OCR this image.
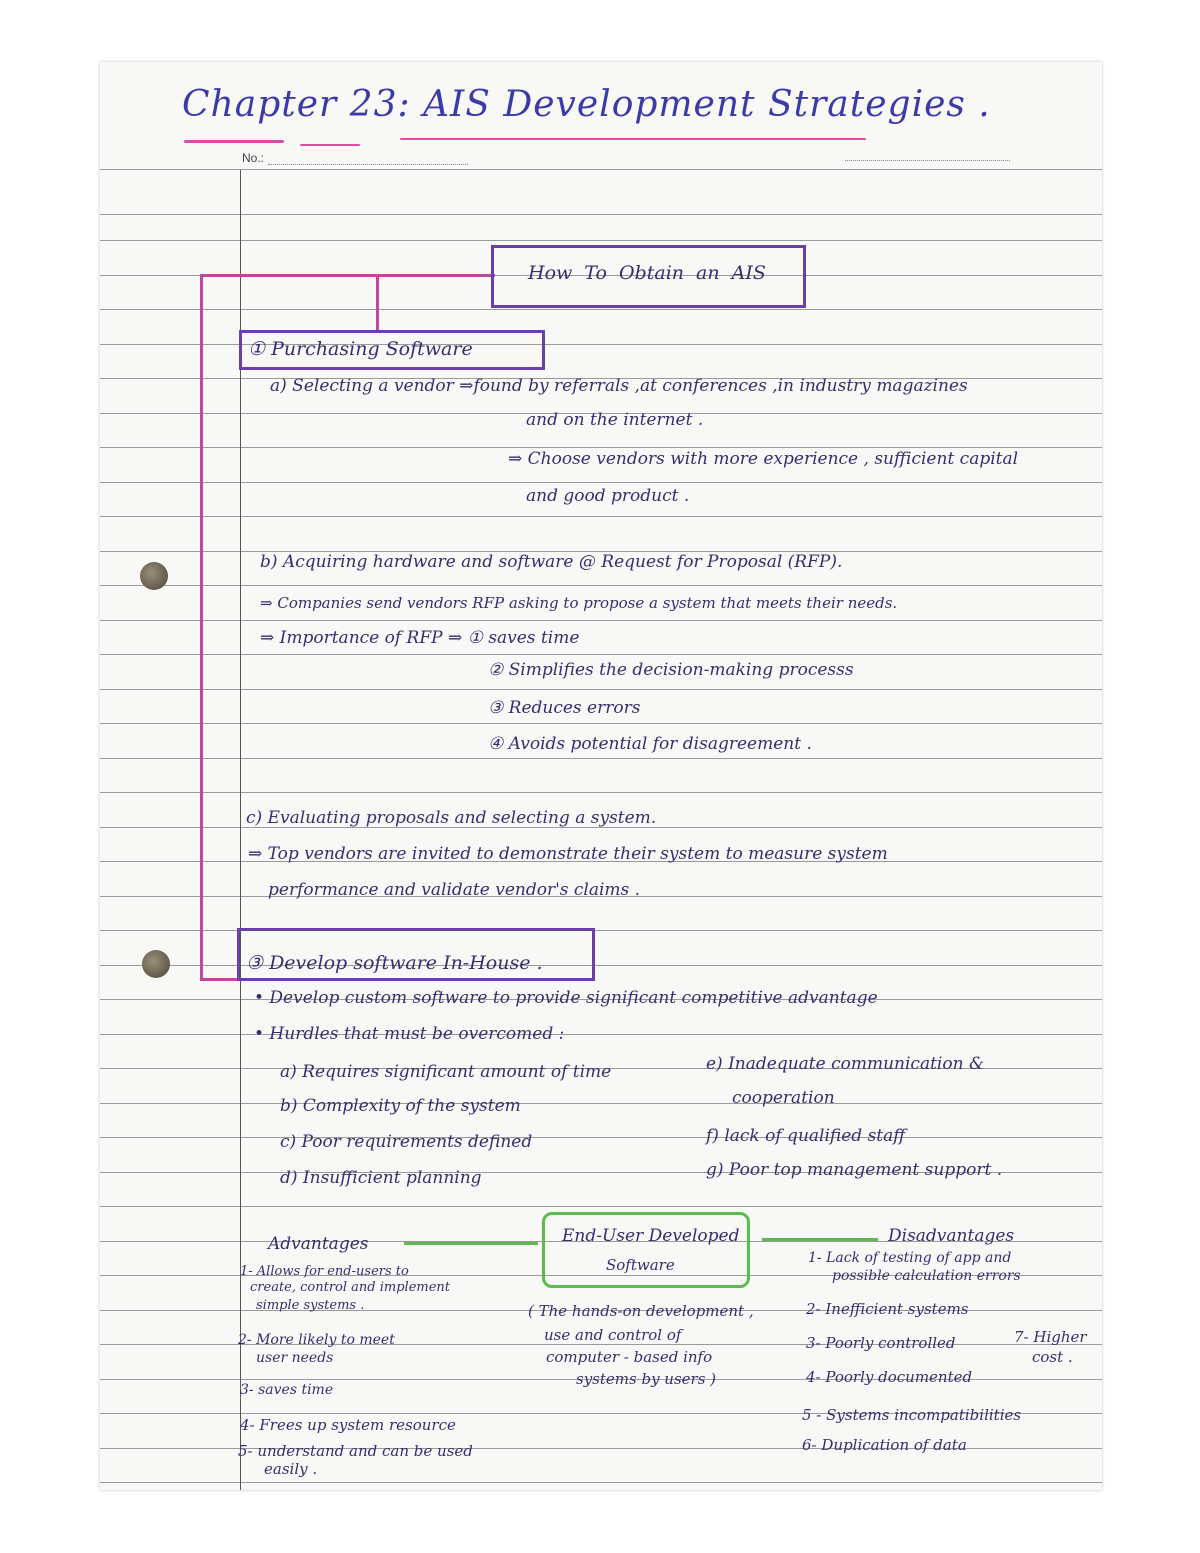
Chapter 23: AIS Development Strategies .
No.:
How To Obtain an AIS
① Purchasing Software
a) Selecting a vendor ⇒found by referrals ,at conferences ,in industry magazines
and on the internet .
⇒ Choose vendors with more experience , sufficient capital
and good product .
b) Acquiring hardware and software @ Request for Proposal (RFP).
⇒ Companies send vendors RFP asking to propose a system that meets their needs.
⇒ Importance of RFP ⇒ ① saves time
② Simplifies the decision-making processs
③ Reduces errors
④ Avoids potential for disagreement .
c) Evaluating proposals and selecting a system.
⇒ Top vendors are invited to demonstrate their system to measure system
performance and validate vendor's claims .
③ Develop software In-House .
• Develop custom software to provide significant competitive advantage
• Hurdles that must be overcomed :
a) Requires significant amount of time
b) Complexity of the system
c) Poor requirements defined
d) Insufficient planning
e) Inadequate communication &
cooperation
f) lack of qualified staff
g) Poor top management support .
End-User Developed
Software
( The hands-on development ,
use and control of
computer - based info
systems by users )
Advantages
1- Allows for end-users to
create, control and implement
simple systems .
2- More likely to meet
user needs
3- saves time
4- Frees up system resource
5- understand and can be used
easily .
Disadvantages
1- Lack of testing of app and
possible calculation errors
2- Inefficient systems
3- Poorly controlled
4- Poorly documented
5 - Systems incompatibilities
6- Duplication of data
7- Higher
cost .
